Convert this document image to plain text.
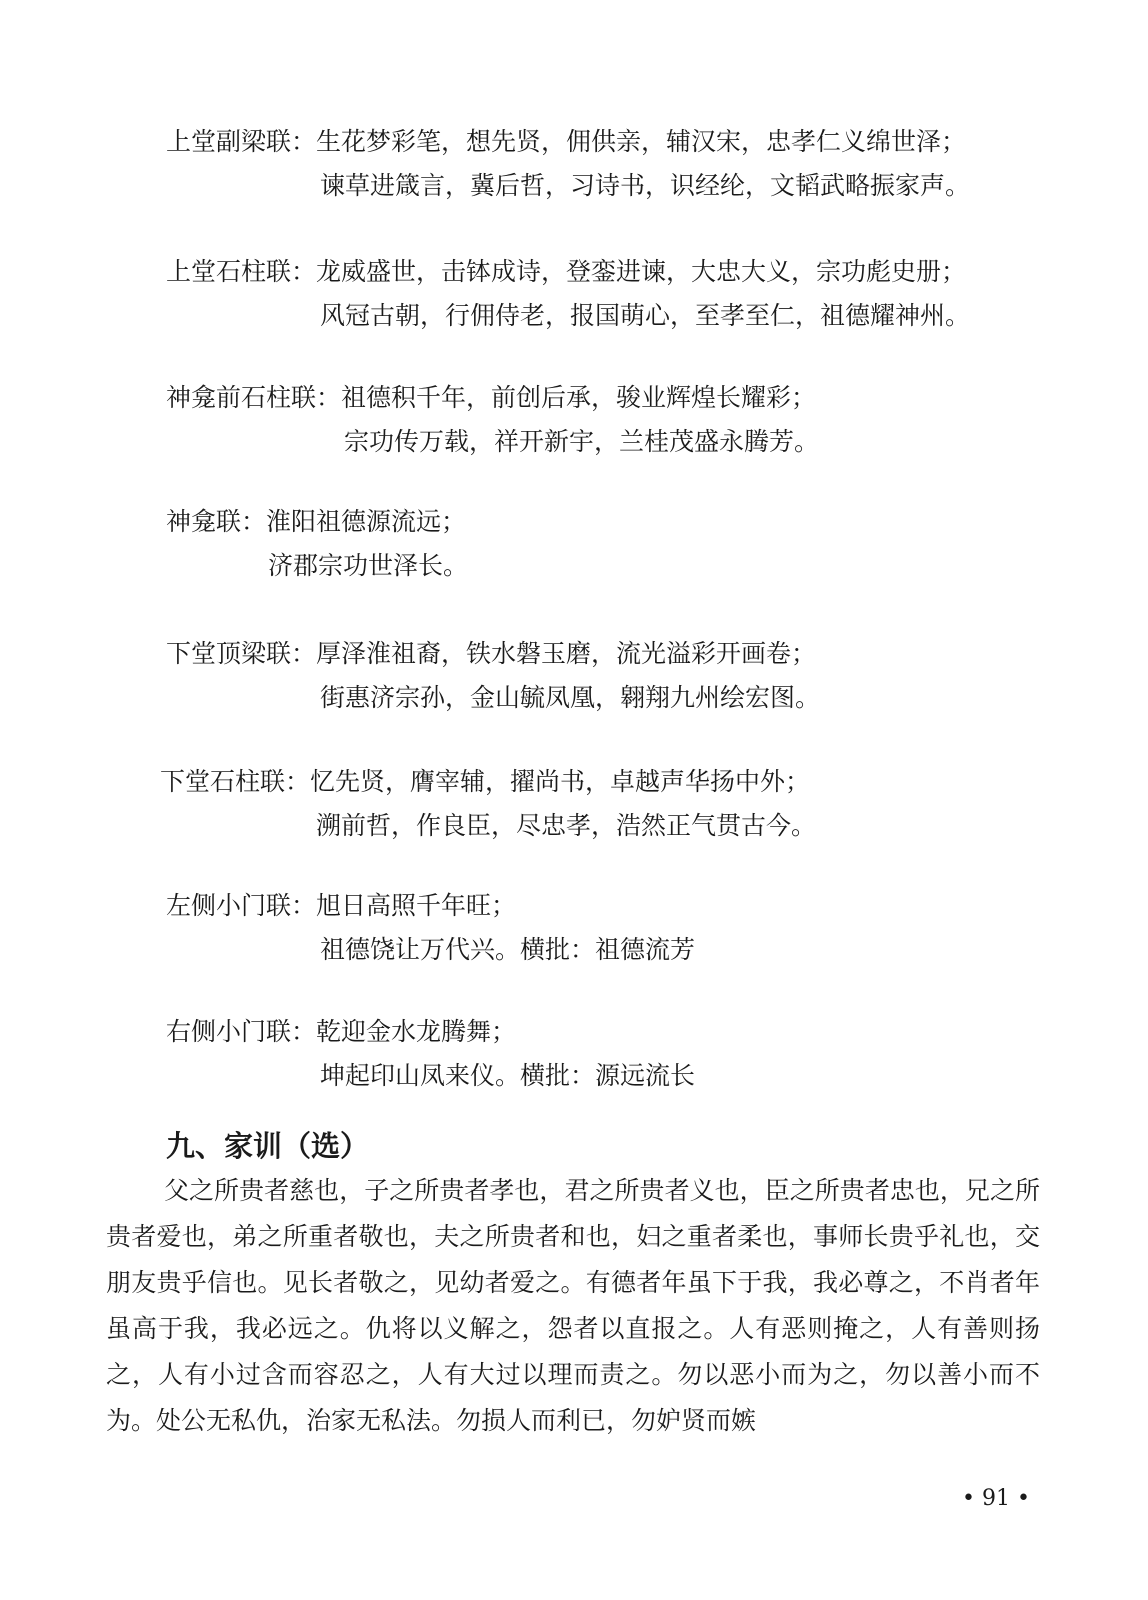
上堂副梁联：生花梦彩笔，想先贤，佣供亲，辅汉宋，忠孝仁义绵世泽；
谏草进箴言，冀后哲，习诗书，识经纶，文韬武略振家声。
上堂石柱联：龙威盛世，击钵成诗，登銮进谏，大忠大义，宗功彪史册；
风冠古朝，行佣侍老，报国萌心，至孝至仁，祖德耀神州。
神龛前石柱联：祖德积千年，前创后承，骏业辉煌长耀彩；
宗功传万载，祥开新宇，兰桂茂盛永腾芳。
神龛联：淮阳祖德源流远；
济郡宗功世泽长。
下堂顶梁联：厚泽淮祖裔，铁水磐玉磨，流光溢彩开画卷；
街惠济宗孙，金山毓凤凰，翱翔九州绘宏图。
下堂石柱联：忆先贤，膺宰辅，擢尚书，卓越声华扬中外；
溯前哲，作良臣，尽忠孝，浩然正气贯古今。
左侧小门联：旭日高照千年旺；
祖德饶让万代兴。横批：祖德流芳
右侧小门联：乾迎金水龙腾舞；
坤起印山凤来仪。横批：源远流长
九、家训（选）
父之所贵者慈也，子之所贵者孝也，君之所贵者义也，臣之所贵者忠也，兄之所贵者爱也，弟之所重者敬也，夫之所贵者和也，妇之重者柔也，事师长贵乎礼也，交朋友贵乎信也。见长者敬之，见幼者爱之。有德者年虽下于我，我必尊之，不肖者年虽高于我，我必远之。仇将以义解之，怨者以直报之。人有恶则掩之，人有善则扬之，人有小过含而容忍之，人有大过以理而责之。勿以恶小而为之，勿以善小而不为。处公无私仇，治家无私法。勿损人而利已，勿妒贤而嫉
• 91 •
